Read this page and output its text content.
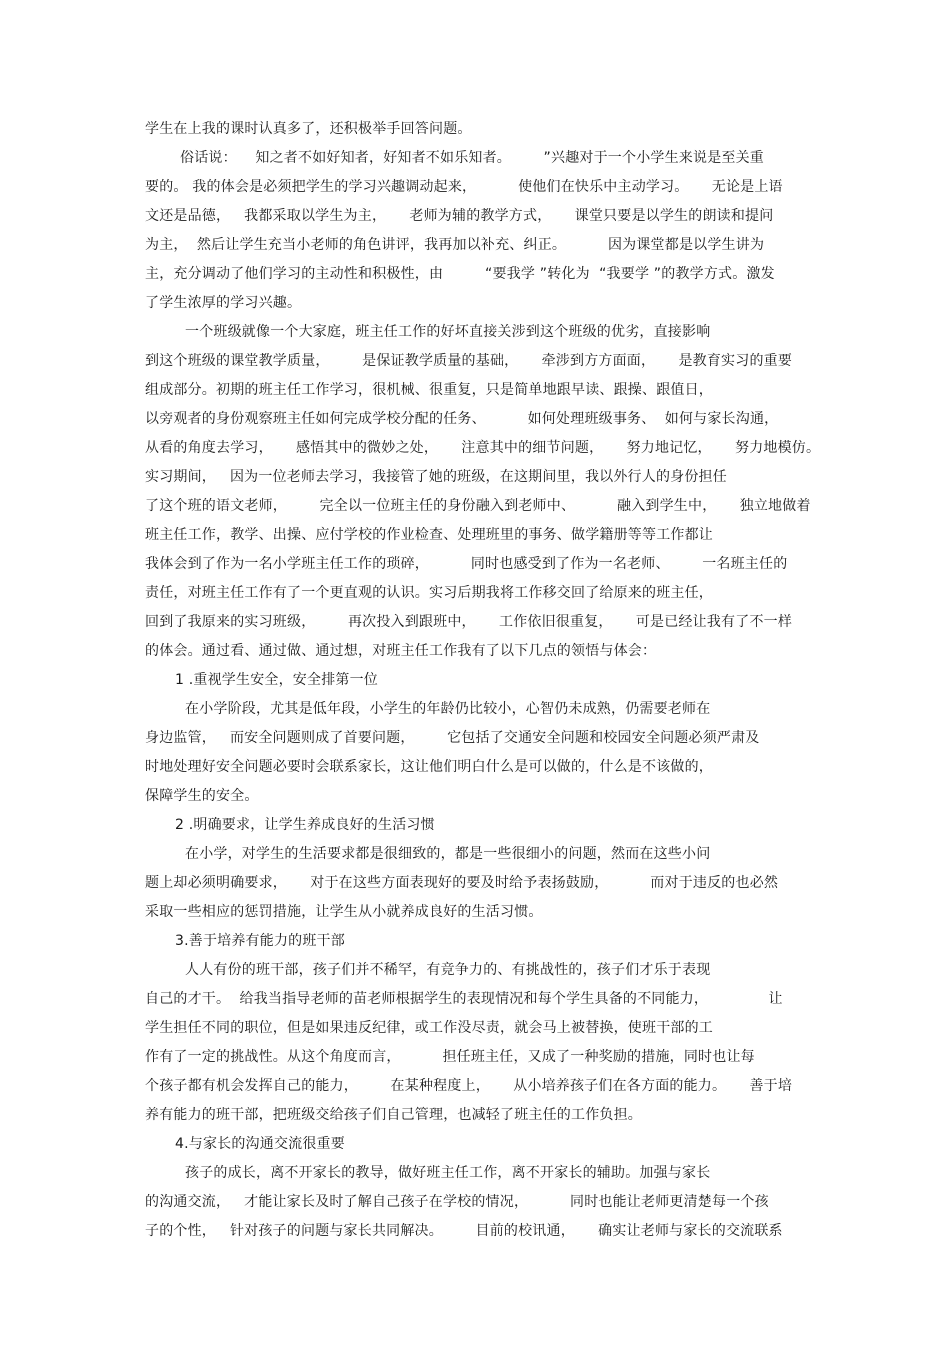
学生在上我的课时认真多了，还积极举手回答问题。
俗话说：    知之者不如好知者，好知者不如乐知者。       ”兴趣对于一个小学生来说是至关重
要的。 我的体会是必须把学生的学习兴趣调动起来，         使他们在快乐中主动学习。     无论是上语
文还是品德，   我都采取以学生为主，     老师为辅的教学方式，     课堂只要是以学生的朗读和提问
为主，  然后让学生充当小老师的角色讲评，我再加以补充、纠正。         因为课堂都是以学生讲为
主，充分调动了他们学习的主动性和积极性，由         “要我学 ”转化为  “我要学 ”的教学方式。激发
了学生浓厚的学习兴趣。
一个班级就像一个大家庭，班主任工作的好坏直接关涉到这个班级的优劣，直接影响
到这个班级的课堂教学质量，       是保证教学质量的基础，     牵涉到方方面面，     是教育实习的重要
组成部分。初期的班主任工作学习，很机械、很重复，只是简单地跟早读、跟操、跟值日，
以旁观者的身份观察班主任如何完成学校分配的任务、         如何处理班级事务、  如何与家长沟通，
从看的角度去学习，     感悟其中的微妙之处，     注意其中的细节问题，     努力地记忆，     努力地模仿。
实习期间，   因为一位老师去学习，我接管了她的班级，在这期间里，我以外行人的身份担任
了这个班的语文老师，       完全以一位班主任的身份融入到老师中、         融入到学生中，     独立地做着
班主任工作，教学、出操、应付学校的作业检查、处理班里的事务、做学籍册等等工作都让
我体会到了作为一名小学班主任工作的琐碎，         同时也感受到了作为一名老师、       一名班主任的
责任，对班主任工作有了一个更直观的认识。实习后期我将工作移交回了给原来的班主任，
回到了我原来的实习班级，       再次投入到跟班中，     工作依旧很重复，     可是已经让我有了不一样
的体会。通过看、通过做、通过想，对班主任工作我有了以下几点的领悟与体会：
1 .重视学生安全，安全排第一位
在小学阶段，尤其是低年段，小学生的年龄仍比较小，心智仍未成熟，仍需要老师在
身边监管，   而安全问题则成了首要问题，       它包括了交通安全问题和校园安全问题必须严肃及
时地处理好安全问题必要时会联系家长，这让他们明白什么是可以做的，什么是不该做的，
保障学生的安全。
2 .明确要求，让学生养成良好的生活习惯
在小学，对学生的生活要求都是很细致的，都是一些很细小的问题，然而在这些小问
题上却必须明确要求，     对于在这些方面表现好的要及时给予表扬鼓励，         而对于违反的也必然
采取一些相应的惩罚措施，让学生从小就养成良好的生活习惯。
3.善于培养有能力的班干部
人人有份的班干部，孩子们并不稀罕，有竞争力的、有挑战性的，孩子们才乐于表现
自己的才干。  给我当指导老师的苗老师根据学生的表现情况和每个学生具备的不同能力，             让
学生担任不同的职位，但是如果违反纪律，或工作没尽责，就会马上被替换，使班干部的工
作有了一定的挑战性。从这个角度而言，         担任班主任，又成了一种奖励的措施，同时也让每
个孩子都有机会发挥自己的能力，       在某种程度上，     从小培养孩子们在各方面的能力。     善于培
养有能力的班干部，把班级交给孩子们自己管理，也减轻了班主任的工作负担。
4.与家长的沟通交流很重要
孩子的成长，离不开家长的教导，做好班主任工作，离不开家长的辅助。加强与家长
的沟通交流，   才能让家长及时了解自己孩子在学校的情况，         同时也能让老师更清楚每一个孩
子的个性，   针对孩子的问题与家长共同解决。       目前的校讯通，     确实让老师与家长的交流联系
